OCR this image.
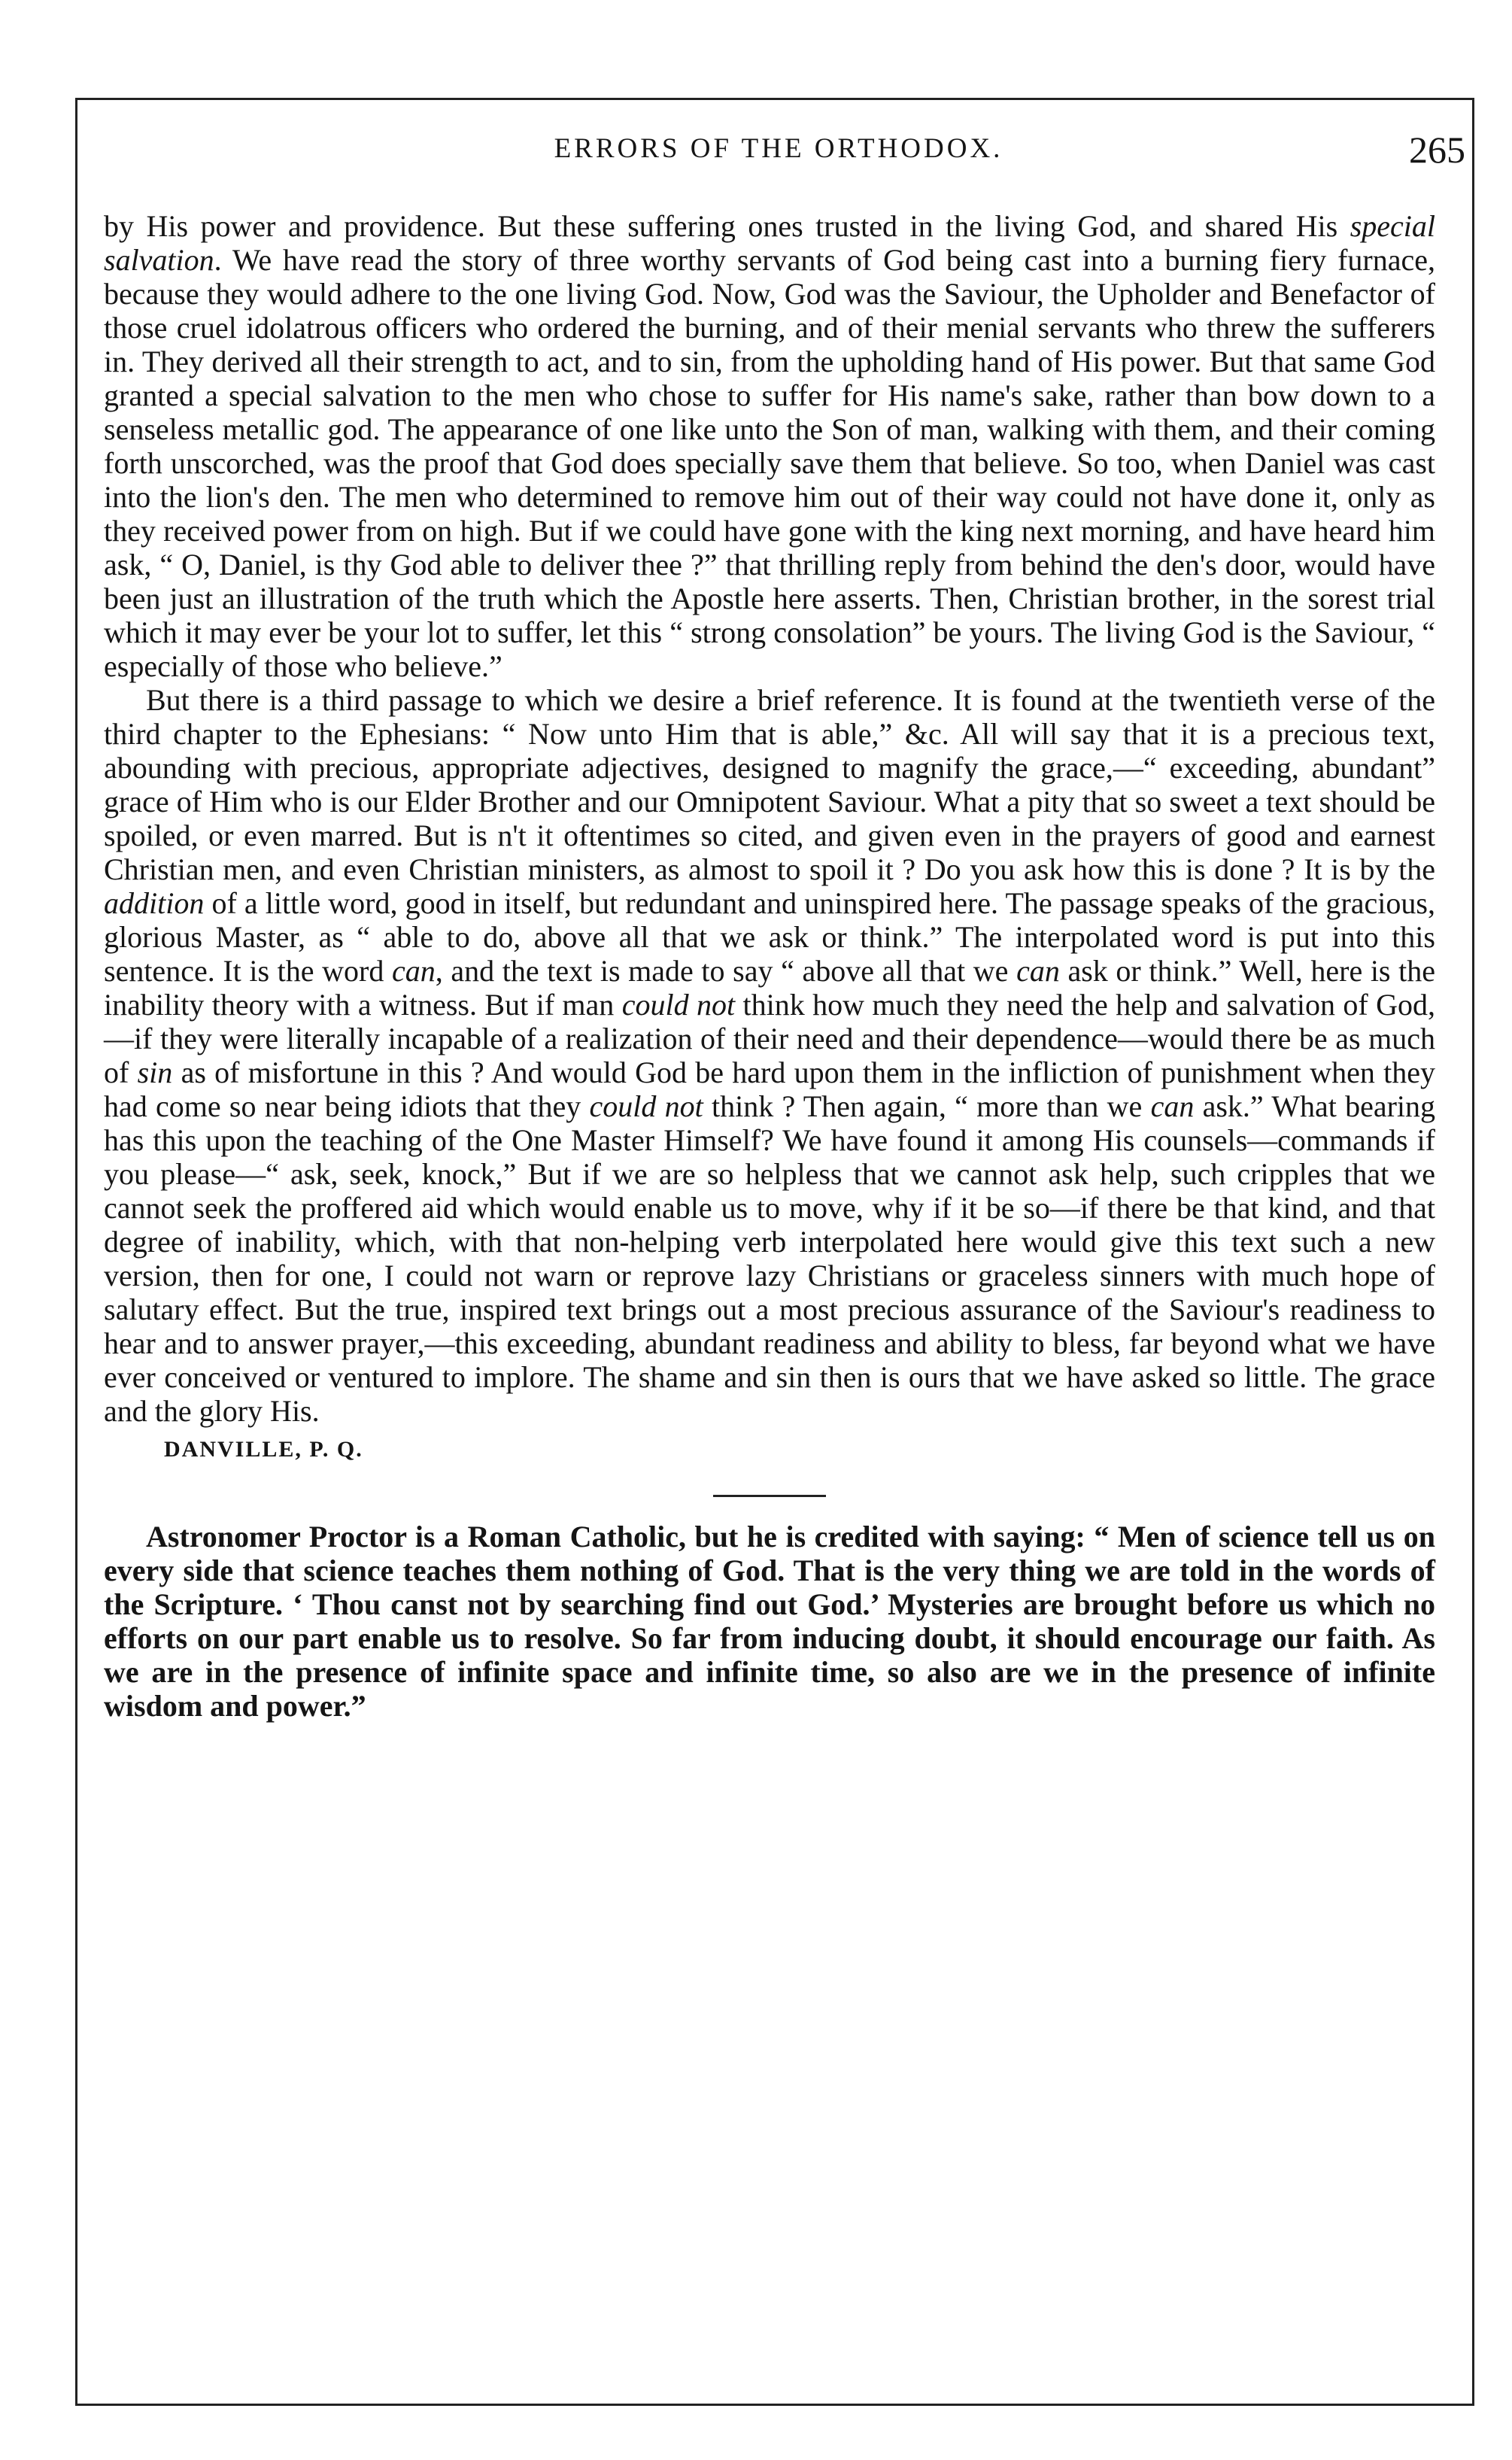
ERRORS OF THE ORTHODOX.	265

by His power and providence. But these suffering ones trusted in the living God, and shared His special salvation. We have read the story of three worthy servants of God being cast into a burning fiery furnace, because they would adhere to the one living God. Now, God was the Saviour, the Upholder and Benefactor of those cruel idolatrous officers who ordered the burning, and of their menial servants who threw the sufferers in. They derived all their strength to act, and to sin, from the upholding hand of His power. But that same God granted a special salvation to the men who chose to suffer for His name's sake, rather than bow down to a senseless metallic god. The appearance of one like unto the Son of man, walking with them, and their coming forth unscorched, was the proof that God does specially save them that believe. So too, when Daniel was cast into the lion's den. The men who determined to remove him out of their way could not have done it, only as they received power from on high. But if we could have gone with the king next morning, and have heard him ask, “ O, Daniel, is thy God able to deliver thee ?” that thrilling reply from behind the den's door, would have been just an illustration of the truth which the Apostle here asserts. Then, Christian brother, in the sorest trial which it may ever be your lot to suffer, let this “ strong consolation” be yours. The living God is the Saviour, “ especially of those who believe.”

But there is a third passage to which we desire a brief reference. It is found at the twentieth verse of the third chapter to the Ephesians: “ Now unto Him that is able,” &c. All will say that it is a precious text, abounding with precious, appropriate adjectives, designed to magnify the grace,—“ exceeding, abundant” grace of Him who is our Elder Brother and our Omnipotent Saviour. What a pity that so sweet a text should be spoiled, or even marred. But is n't it oftentimes so cited, and given even in the prayers of good and earnest Christian men, and even Christian ministers, as almost to spoil it ? Do you ask how this is done ? It is by the addition of a little word, good in itself, but redundant and uninspired here. The passage speaks of the gracious, glorious Master, as “ able to do, above all that we ask or think.” The interpolated word is put into this sentence. It is the word can, and the text is made to say “ above all that we can ask or think.” Well, here is the inability theory with a witness. But if man could not think how much they need the help and salvation of God,—if they were literally incapable of a realization of their need and their dependence—would there be as much of sin as of misfortune in this ? And would God be hard upon them in the infliction of punishment when they had come so near being idiots that they could not think ? Then again, “ more than we can ask.” What bearing has this upon the teaching of the One Master Himself? We have found it among His counsels—commands if you please—“ ask, seek, knock,” But if we are so helpless that we cannot ask help, such cripples that we cannot seek the proffered aid which would enable us to move, why if it be so—if there be that kind, and that degree of inability, which, with that non-helping verb interpolated here would give this text such a new version, then for one, I could not warn or reprove lazy Christians or graceless sinners with much hope of salutary effect. But the true, inspired text brings out a most precious assurance of the Saviour's readiness to hear and to answer prayer,—this exceeding, abundant readiness and ability to bless, far beyond what we have ever conceived or ventured to implore. The shame and sin then is ours that we have asked so little. The grace and the glory His.

DANVILLE, P. Q.

Astronomer Proctor is a Roman Catholic, but he is credited with saying: “ Men of science tell us on every side that science teaches them nothing of God. That is the very thing we are told in the words of the Scripture. ‘ Thou canst not by searching find out God.’ Mysteries are brought before us which no efforts on our part enable us to resolve. So far from inducing doubt, it should encourage our faith. As we are in the presence of infinite space and infinite time, so also are we in the presence of infinite wisdom and power.”
